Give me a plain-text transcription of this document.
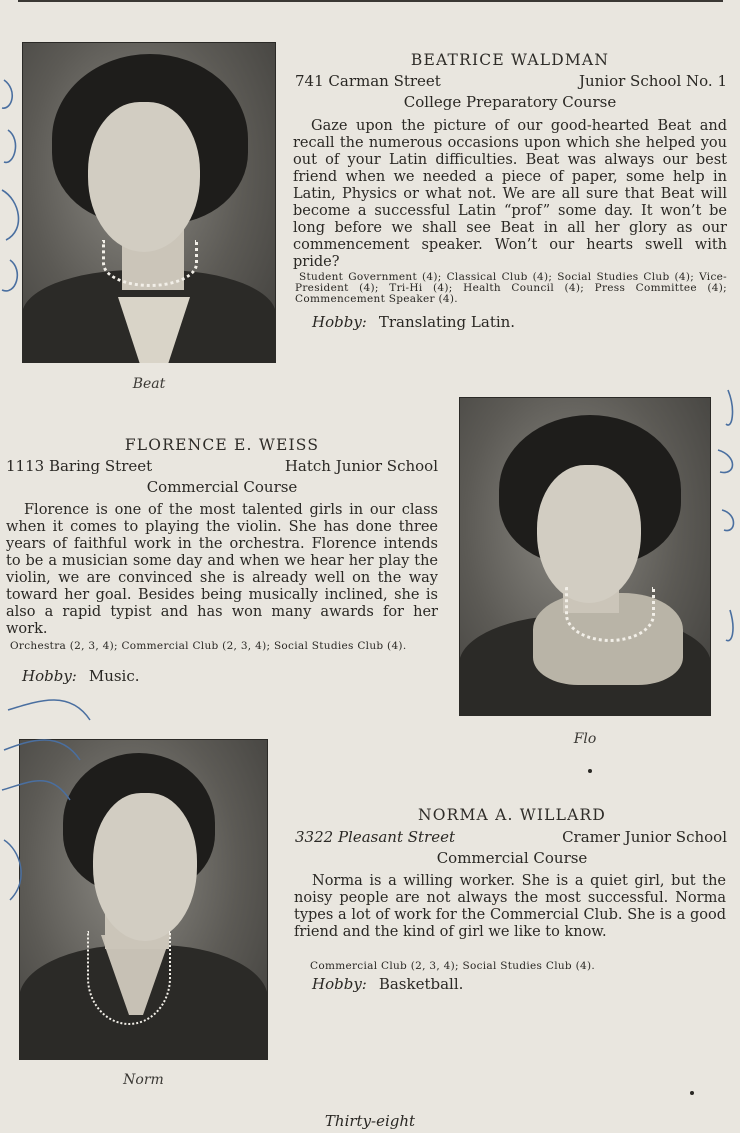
Beat
BEATRICE WALDMAN
741 Carman Street	Junior School No. 1
College Preparatory Course
Gaze upon the picture of our good-hearted Beat and recall the numerous occasions upon which she helped you out of your Latin difficulties. Beat was always our best friend when we needed a piece of paper, some help in Latin, Physics or what not. We are all sure that Beat will become a successful Latin “prof” some day. It won’t be long before we shall see Beat in all her glory as our commencement speaker. Won’t our hearts swell with pride?
Student Government (4); Classical Club (4); Social Studies Club (4); Vice-President (4); Tri-Hi (4); Health Council (4); Press Committee (4); Commencement Speaker (4).
Hobby: Translating Latin.
FLORENCE E. WEISS
1113 Baring Street	Hatch Junior School
Commercial Course
Florence is one of the most talented girls in our class when it comes to playing the violin. She has done three years of faithful work in the orchestra. Florence intends to be a musician some day and when we hear her play the violin, we are convinced she is already well on the way toward her goal. Besides being musically inclined, she is also a rapid typist and has won many awards for her work.
Orchestra (2, 3, 4); Commercial Club (2, 3, 4); Social Studies Club (4).
Hobby: Music.
Flo
Norm
NORMA A. WILLARD
3322 Pleasant Street	Cramer Junior School
Commercial Course
Norma is a willing worker. She is a quiet girl, but the noisy people are not always the most successful. Norma types a lot of work for the Commercial Club. She is a good friend and the kind of girl we like to know.
Commercial Club (2, 3, 4); Social Studies Club (4).
Hobby: Basketball.
Thirty-eight
